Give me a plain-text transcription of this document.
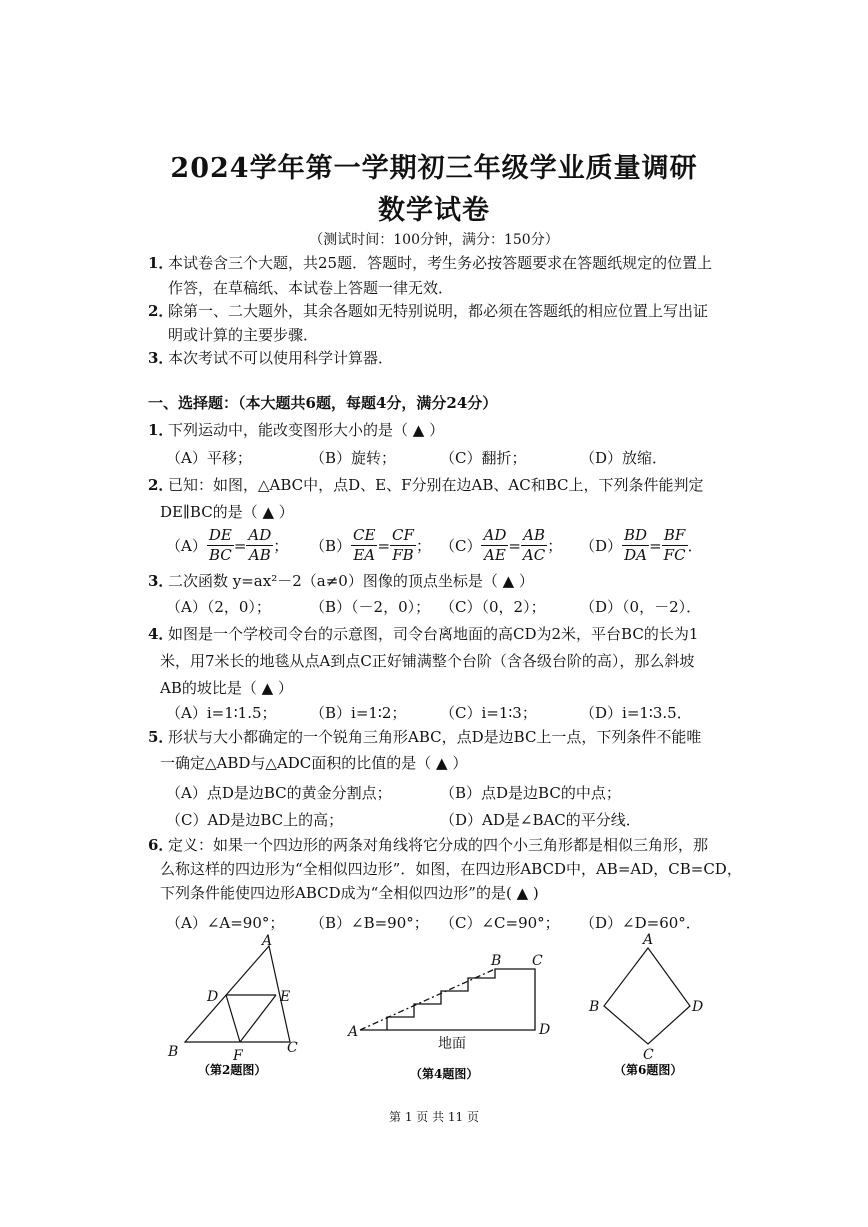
2024学年第一学期初三年级学业质量调研
数学试卷
（测试时间：100分钟，满分：150分）
1．
本试卷含三个大题，共25题．答题时，考生务必按答题要求在答题纸规定的位置上
作答，在草稿纸、本试卷上答题一律无效．
2．
除第一、二大题外，其余各题如无特别说明，都必须在答题纸的相应位置上写出证
明或计算的主要步骤．
3．
本次考试不可以使用科学计算器．
一、选择题：（本大题共6题，每题4分，满分24分）
1．
下列运动中，能改变图形大小的是（ ▲ ）
（A）平移；	（B）旋转；	（C）翻折；	（D）放缩．
2．
已知：如图，△ABC中，点D、E、F分别在边AB、AC和BC上，下列条件能判定
DE∥BC的是（ ▲ ）
$(A) \frac{DE}{BC} = \frac{AD}{AB}$ ； $(B) \frac{CE}{EA} = \frac{CF}{FB}$ ； $(C) \frac{AD}{AE} = \frac{AB}{AC}$ ； $(D) \frac{BD}{DA} = \frac{BF}{FC}$ ．
3．
二次函数 y=ax²－2（a≠0）图像的顶点坐标是（ ▲ ）
（A）（2，0）；	（B）（－2，0）； （C）（0，2）； （D）（0，－2）．
4．
如图是一个学校司令台的示意图，司令台离地面的高CD为2米，平台BC的长为1
米，用7米长的地毯从点A到点C正好铺满整个台阶（含各级台阶的高），那么斜坡
AB的坡比是（ ▲ ）
（A）i=1∶1.5； （B）i=1∶2； （C）i=1∶3；	（D）i=1∶3.5．
5．
形状与大小都确定的一个锐角三角形ABC，点D是边BC上一点，下列条件不能唯
一确定△ABD与△ADC面积的比值的是（ ▲ ）
（A）点D是边BC的黄金分割点；	（B）点D是边BC的中点；
（C）AD是边BC上的高；	（D）AD是∠BAC的平分线．
6．
定义：如果一个四边形的两条对角线将它分成的四个小三角形都是相似三角形，那
么称这样的四边形为“全相似四边形”．如图，在四边形ABCD中，AB=AD，CB=CD，
下列条件能使四边形ABCD成为“全相似四边形”的是( ▲ )
（A）∠A=90°； （B）∠B=90°； （C）∠C=90°； （D）∠D=60°．
A
D	E
B	F	C
（第2题图）
B C
A	D
地面
（第4题图）
A
B	D
C
（第6题图）
第 1 页 共 11 页
